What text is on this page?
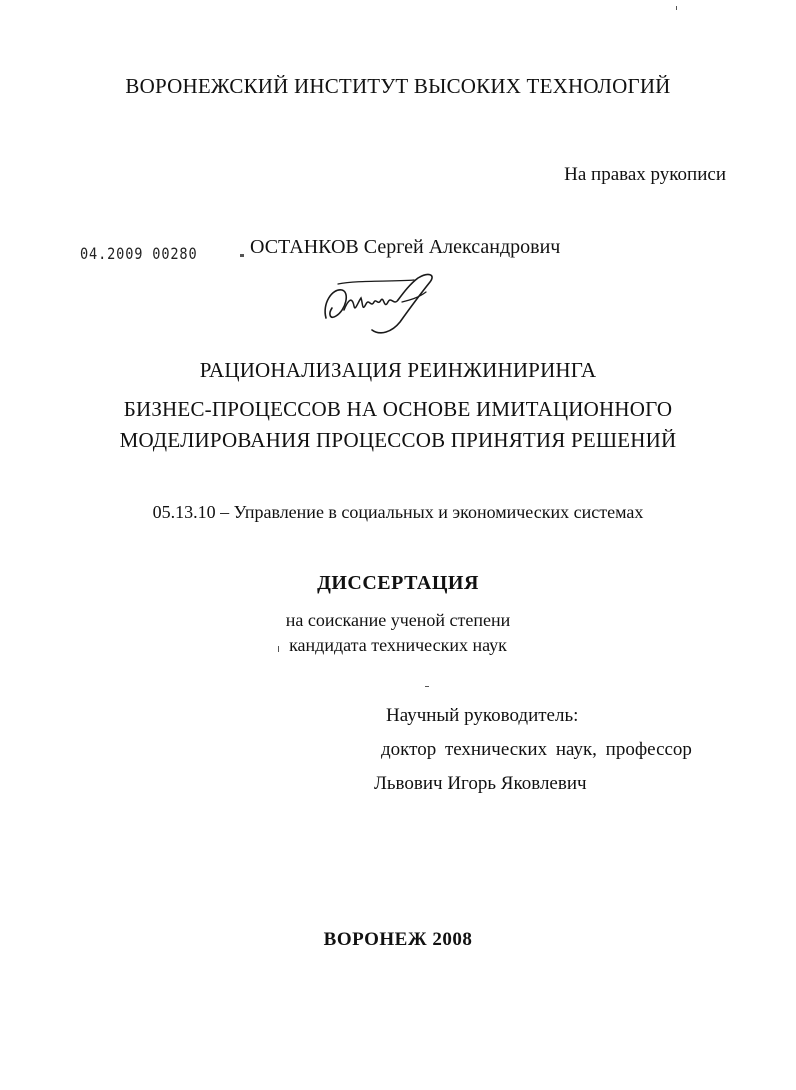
ВОРОНЕЖСКИЙ ИНСТИТУТ ВЫСОКИХ ТЕХНОЛОГИЙ
На правах рукописи
04.2009 00280	ОСТАНКОВ Сергей Александрович
РАЦИОНАЛИЗАЦИЯ РЕИНЖИНИРИНГА
БИЗНЕС-ПРОЦЕССОВ НА ОСНОВЕ ИМИТАЦИОННОГО
МОДЕЛИРОВАНИЯ ПРОЦЕССОВ ПРИНЯТИЯ РЕШЕНИЙ
05.13.10 – Управление в социальных и экономических системах
ДИССЕРТАЦИЯ
на соискание ученой степени
кандидата технических наук
Научный руководитель:
доктор технических наук, профессор
Львович Игорь Яковлевич
ВОРОНЕЖ 2008
